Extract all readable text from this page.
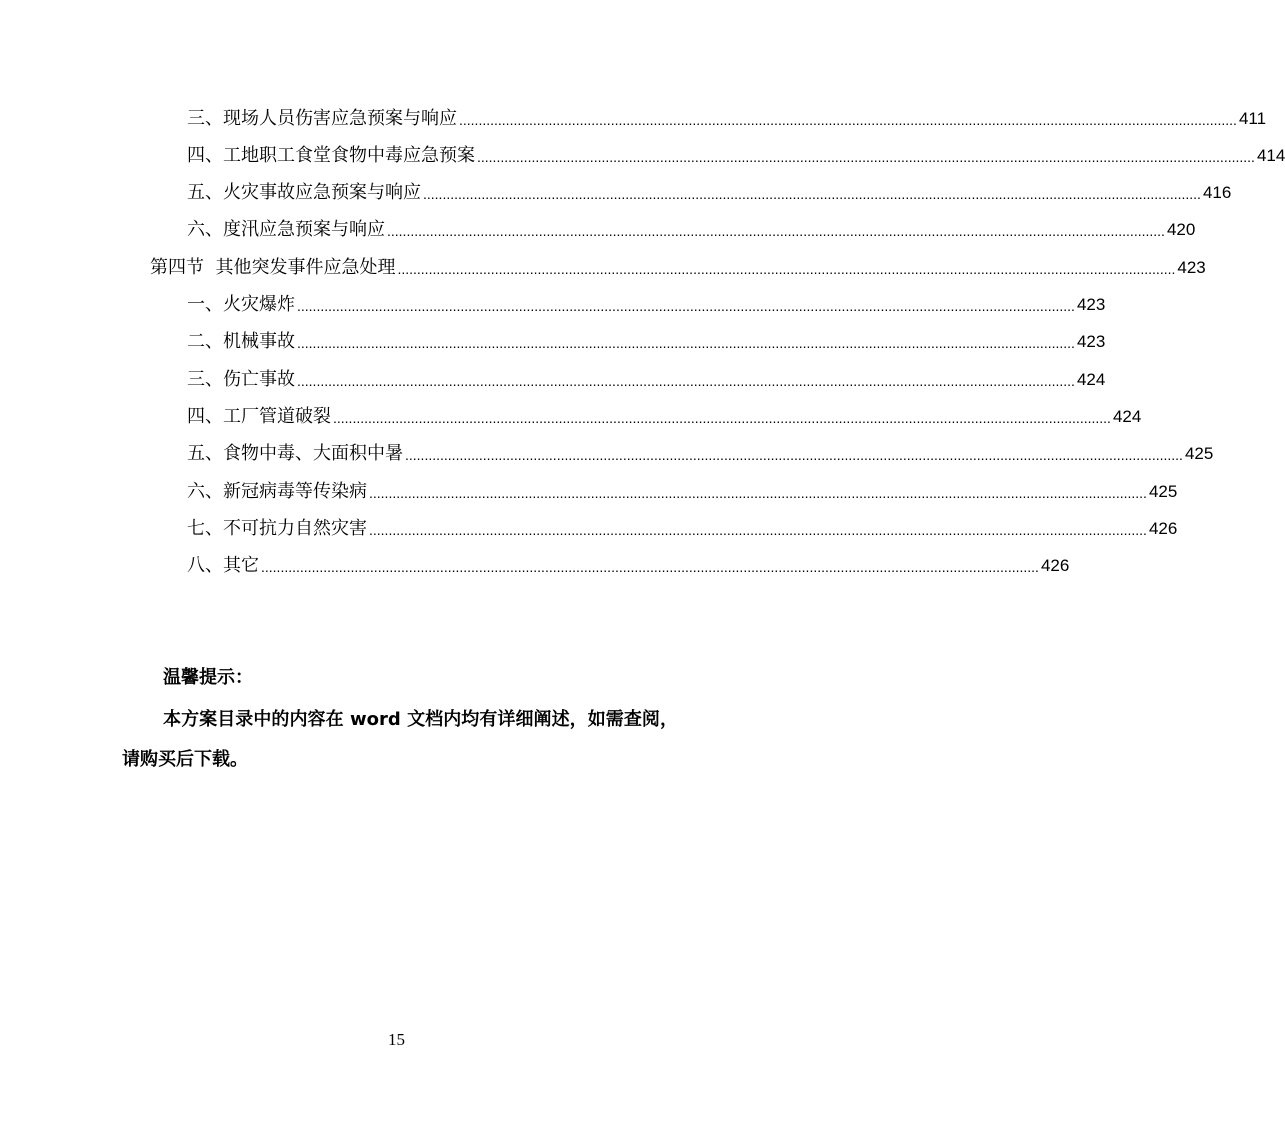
三、现场人员伤害应急预案与响应 ........................................................................................................................................................................................................ 411
四、工地职工食堂食物中毒应急预案 ........................................................................................................................................................................................................ 414
五、火灾事故应急预案与响应 ........................................................................................................................................................................................................ 416
六、度汛应急预案与响应 ........................................................................................................................................................................................................ 420
第四节  其他突发事件应急处理 ........................................................................................................................................................................................................ 423
一、火灾爆炸 ........................................................................................................................................................................................................ 423
二、机械事故 ........................................................................................................................................................................................................ 423
三、伤亡事故 ........................................................................................................................................................................................................ 424
四、工厂管道破裂 ........................................................................................................................................................................................................ 424
五、食物中毒、大面积中暑 ........................................................................................................................................................................................................ 425
六、新冠病毒等传染病 ........................................................................................................................................................................................................ 425
七、不可抗力自然灾害 ........................................................................................................................................................................................................ 426
八、其它 ........................................................................................................................................................................................................ 426
温馨提示：
本方案目录中的内容在 word 文档内均有详细阐述，如需查阅，请购买后下载。
15
